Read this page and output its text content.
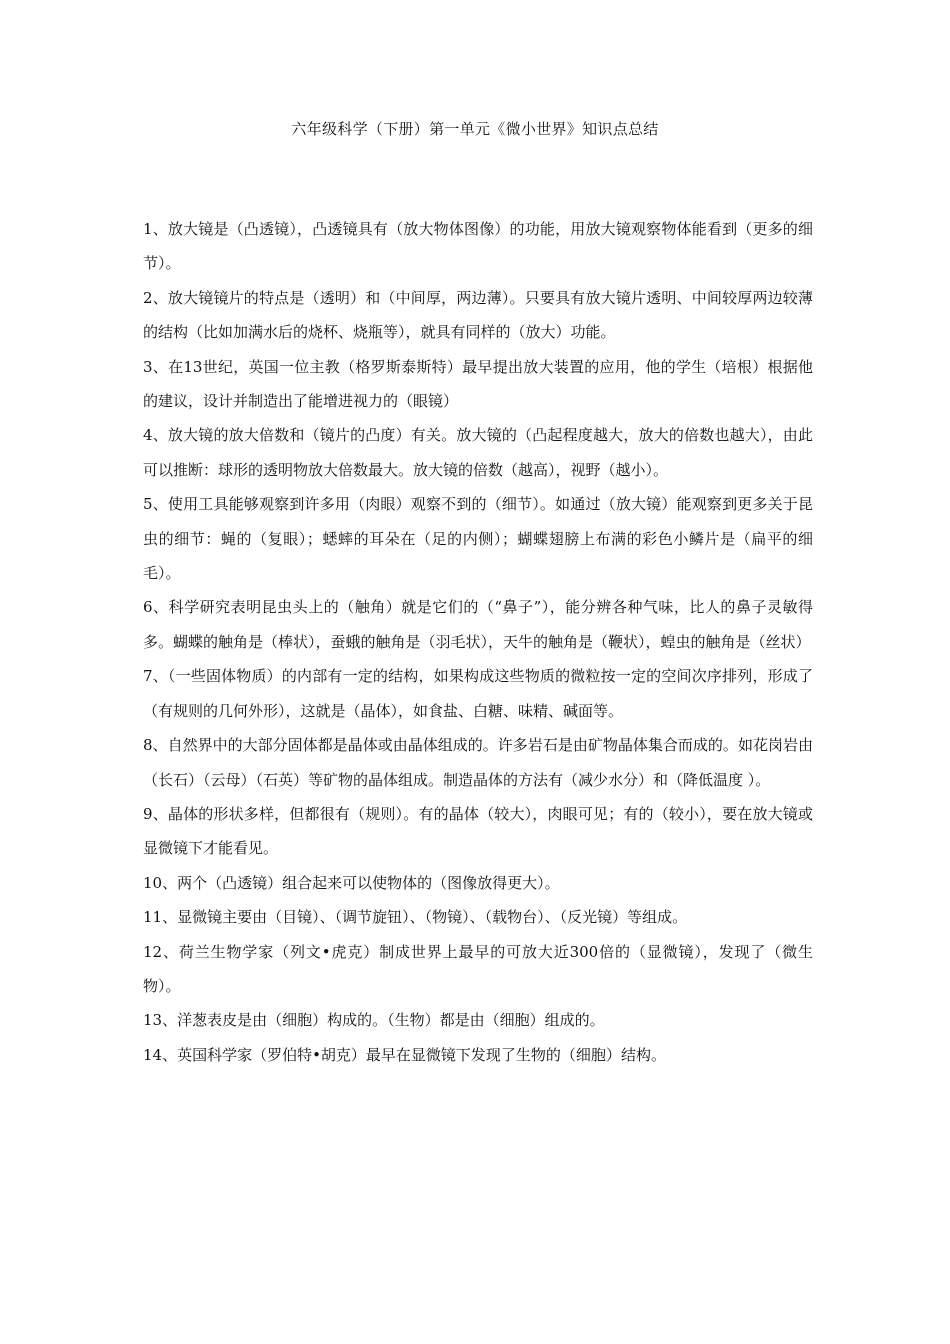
六年级科学（下册）第一单元《微小世界》知识点总结

1、放大镜是（凸透镜），凸透镜具有（放大物体图像）的功能，用放大镜观察物体能看到（更多的细节）。

2、放大镜镜片的特点是（透明）和（中间厚，两边薄）。只要具有放大镜片透明、中间较厚两边较薄的结构（比如加满水后的烧杯、烧瓶等），就具有同样的（放大）功能。

3、在13世纪，英国一位主教（格罗斯泰斯特）最早提出放大装置的应用，他的学生（培根）根据他的建议，设计并制造出了能增进视力的（眼镜）

4、放大镜的放大倍数和（镜片的凸度）有关。放大镜的（凸起程度越大，放大的倍数也越大），由此可以推断：球形的透明物放大倍数最大。放大镜的倍数（越高），视野（越小）。

5、使用工具能够观察到许多用（肉眼）观察不到的（细节）。如通过（放大镜）能观察到更多关于昆虫的细节：蝇的（复眼）；蟋蟀的耳朵在（足的内侧）；蝴蝶翅膀上布满的彩色小鳞片是（扁平的细毛）。

6、科学研究表明昆虫头上的（触角）就是它们的（“鼻子”），能分辨各种气味，比人的鼻子灵敏得多。蝴蝶的触角是（棒状），蚕蛾的触角是（羽毛状），天牛的触角是（鞭状），蝗虫的触角是（丝状）

7、（一些固体物质）的内部有一定的结构，如果构成这些物质的微粒按一定的空间次序排列，形成了（有规则的几何外形），这就是（晶体），如食盐、白糖、味精、碱面等。

8、自然界中的大部分固体都是晶体或由晶体组成的。许多岩石是由矿物晶体集合而成的。如花岗岩由（长石）（云母）（石英）等矿物的晶体组成。制造晶体的方法有（减少水分）和（降低温度 ）。

9、晶体的形状多样，但都很有（规则）。有的晶体（较大），肉眼可见；有的（较小），要在放大镜或显微镜下才能看见。

10、两个（凸透镜）组合起来可以使物体的（图像放得更大）。

11、显微镜主要由（目镜）、（调节旋钮）、（物镜）、（载物台）、（反光镜）等组成。

12、荷兰生物学家（列文•虎克）制成世界上最早的可放大近300倍的（显微镜），发现了（微生物）。

13、洋葱表皮是由（细胞）构成的。（生物）都是由（细胞）组成的。

14、英国科学家（罗伯特•胡克）最早在显微镜下发现了生物的（细胞）结构。
